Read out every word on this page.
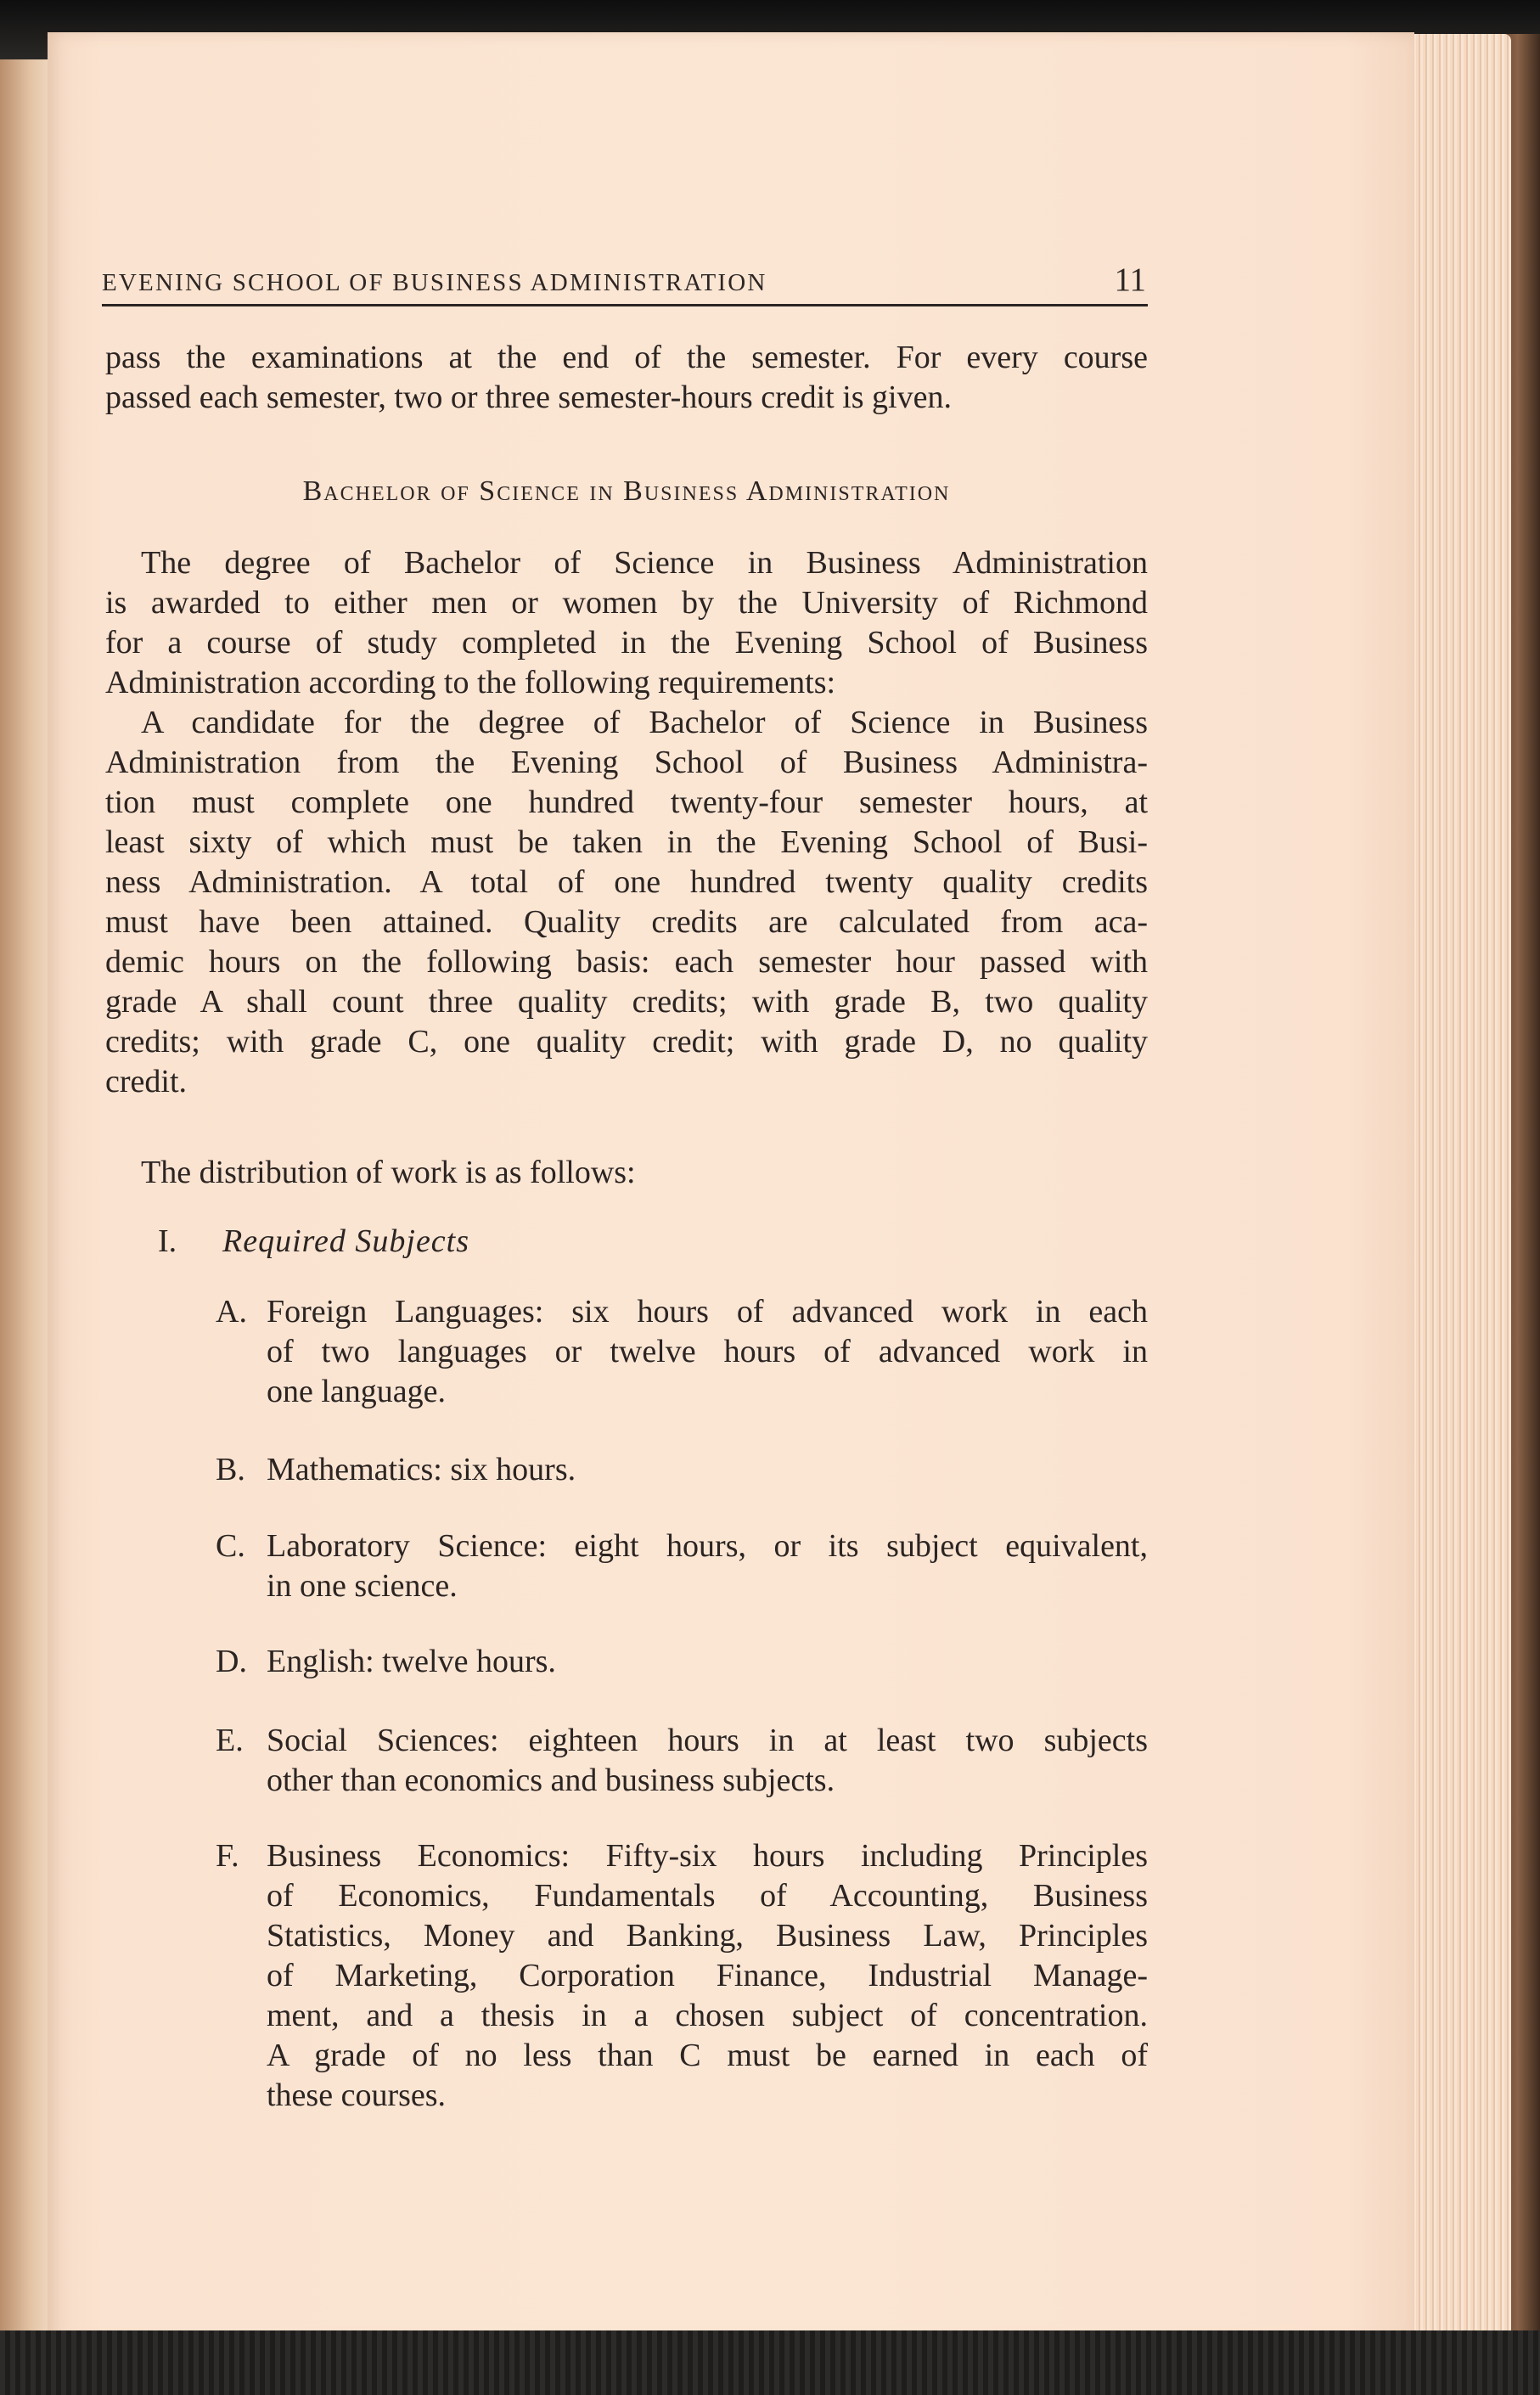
EVENING SCHOOL OF BUSINESS ADMINISTRATION	11
pass the examinations at the end of the semester. For every course
passed each semester, two or three semester-hours credit is given.
Bachelor of Science in Business Administration
The degree of Bachelor of Science in Business Administration
is awarded to either men or women by the University of Richmond
for a course of study completed in the Evening School of Business
Administration according to the following requirements:
A candidate for the degree of Bachelor of Science in Business
Administration from the Evening School of Business Administra-
tion must complete one hundred twenty-four semester hours, at
least sixty of which must be taken in the Evening School of Busi-
ness Administration. A total of one hundred twenty quality credits
must have been attained. Quality credits are calculated from aca-
demic hours on the following basis: each semester hour passed with
grade A shall count three quality credits; with grade B, two quality
credits; with grade C, one quality credit; with grade D, no quality
credit.
The distribution of work is as follows:
I. Required Subjects
A. Foreign Languages: six hours of advanced work in each
of two languages or twelve hours of advanced work in
one language.
B. Mathematics: six hours.
C. Laboratory Science: eight hours, or its subject equivalent,
in one science.
D. English: twelve hours.
E. Social Sciences: eighteen hours in at least two subjects
other than economics and business subjects.
F. Business Economics: Fifty-six hours including Principles
of Economics, Fundamentals of Accounting, Business
Statistics, Money and Banking, Business Law, Principles
of Marketing, Corporation Finance, Industrial Manage-
ment, and a thesis in a chosen subject of concentration.
A grade of no less than C must be earned in each of
these courses.
